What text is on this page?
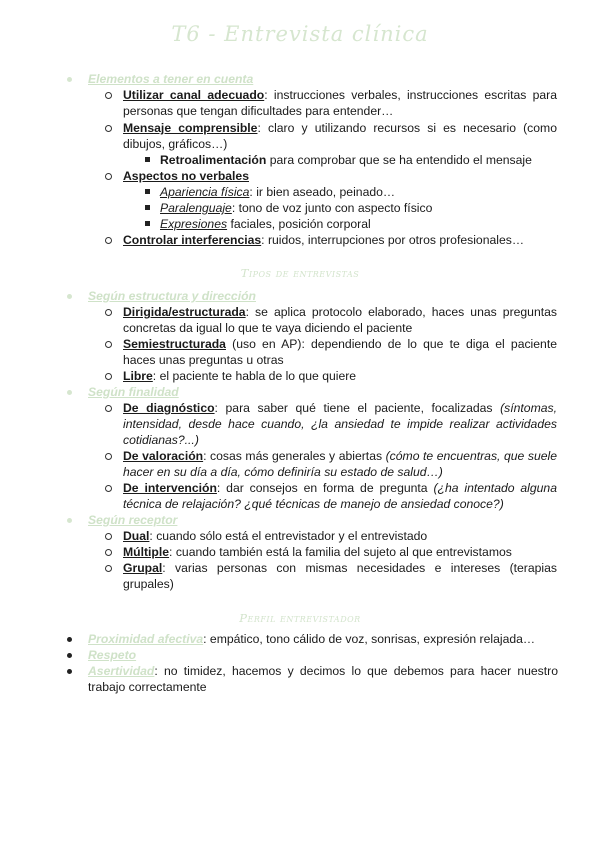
T6 - Entrevista clínica
Elementos a tener en cuenta
Utilizar canal adecuado: instrucciones verbales, instrucciones escritas para personas que tengan dificultades para entender…
Mensaje comprensible: claro y utilizando recursos si es necesario (como dibujos, gráficos…)
Retroalimentación para comprobar que se ha entendido el mensaje
Aspectos no verbales
Apariencia física: ir bien aseado, peinado…
Paralenguaje: tono de voz junto con aspecto físico
Expresiones faciales, posición corporal
Controlar interferencias: ruidos, interrupciones por otros profesionales…
Tipos de entrevistas
Según estructura y dirección
Dirigida/estructurada: se aplica protocolo elaborado, haces unas preguntas concretas da igual lo que te vaya diciendo el paciente
Semiestructurada (uso en AP): dependiendo de lo que te diga el paciente haces unas preguntas u otras
Libre: el paciente te habla de lo que quiere
Según finalidad
De diagnóstico: para saber qué tiene el paciente, focalizadas (síntomas, intensidad, desde hace cuando, ¿la ansiedad te impide realizar actividades cotidianas?...)
De valoración: cosas más generales y abiertas (cómo te encuentras, que suele hacer en su día a día, cómo definiría su estado de salud…)
De intervención: dar consejos en forma de pregunta (¿ha intentado alguna técnica de relajación? ¿qué técnicas de manejo de ansiedad conoce?)
Según receptor
Dual: cuando sólo está el entrevistador y el entrevistado
Múltiple: cuando también está la familia del sujeto al que entrevistamos
Grupal: varias personas con mismas necesidades e intereses (terapias grupales)
Perfil entrevistador
Proximidad afectiva: empático, tono cálido de voz, sonrisas, expresión relajada…
Respeto
Asertividad: no timidez, hacemos y decimos lo que debemos para hacer nuestro trabajo correctamente
